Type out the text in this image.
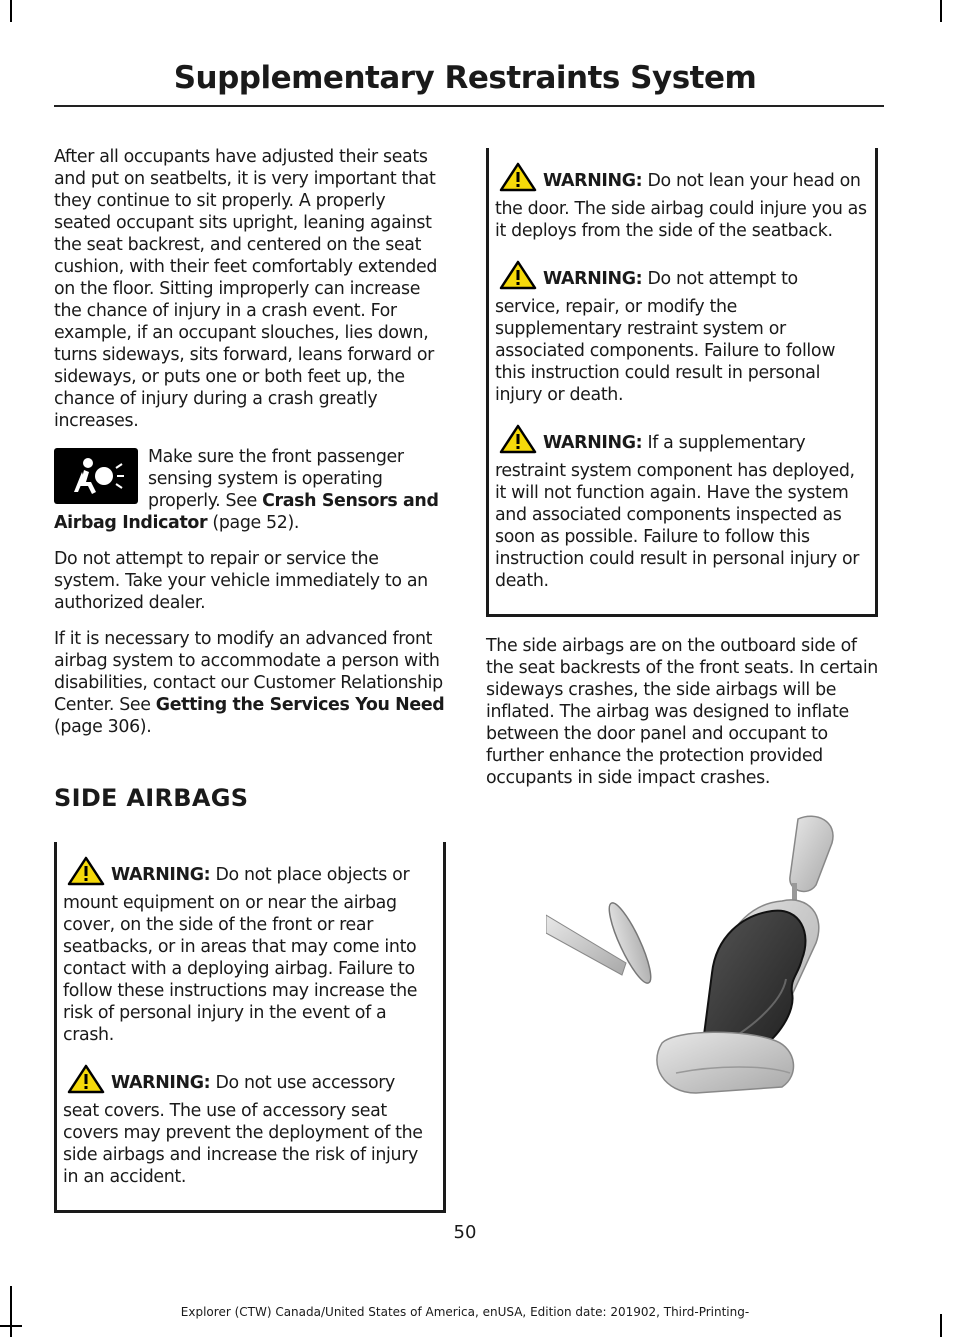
Supplementary Restraints System

After all occupants have adjusted their seats and put on seatbelts, it is very important that they continue to sit properly. A properly seated occupant sits upright, leaning against the seat backrest, and centered on the seat cushion, with their feet comfortably extended on the floor. Sitting improperly can increase the chance of injury in a crash event. For example, if an occupant slouches, lies down, turns sideways, sits forward, leans forward or sideways, or puts one or both feet up, the chance of injury during a crash greatly increases.

Make sure the front passenger sensing system is operating properly. See Crash Sensors and Airbag Indicator (page 52).

Do not attempt to repair or service the system. Take your vehicle immediately to an authorized dealer.

If it is necessary to modify an advanced front airbag system to accommodate a person with disabilities, contact our Customer Relationship Center. See Getting the Services You Need (page 306).

SIDE AIRBAGS

WARNING: Do not place objects or mount equipment on or near the airbag cover, on the side of the front or rear seatbacks, or in areas that may come into contact with a deploying airbag. Failure to follow these instructions may increase the risk of personal injury in the event of a crash.

WARNING: Do not use accessory seat covers. The use of accessory seat covers may prevent the deployment of the side airbags and increase the risk of injury in an accident.

WARNING: Do not lean your head on the door. The side airbag could injure you as it deploys from the side of the seatback.

WARNING: Do not attempt to service, repair, or modify the supplementary restraint system or associated components. Failure to follow this instruction could result in personal injury or death.

WARNING: If a supplementary restraint system component has deployed, it will not function again. Have the system and associated components inspected as soon as possible. Failure to follow this instruction could result in personal injury or death.

The side airbags are on the outboard side of the seat backrests of the front seats. In certain sideways crashes, the side airbags will be inflated. The airbag was designed to inflate between the door panel and occupant to further enhance the protection provided occupants in side impact crashes.

50
Explorer (CTW) Canada/United States of America, enUSA, Edition date: 201902, Third-Printing-
